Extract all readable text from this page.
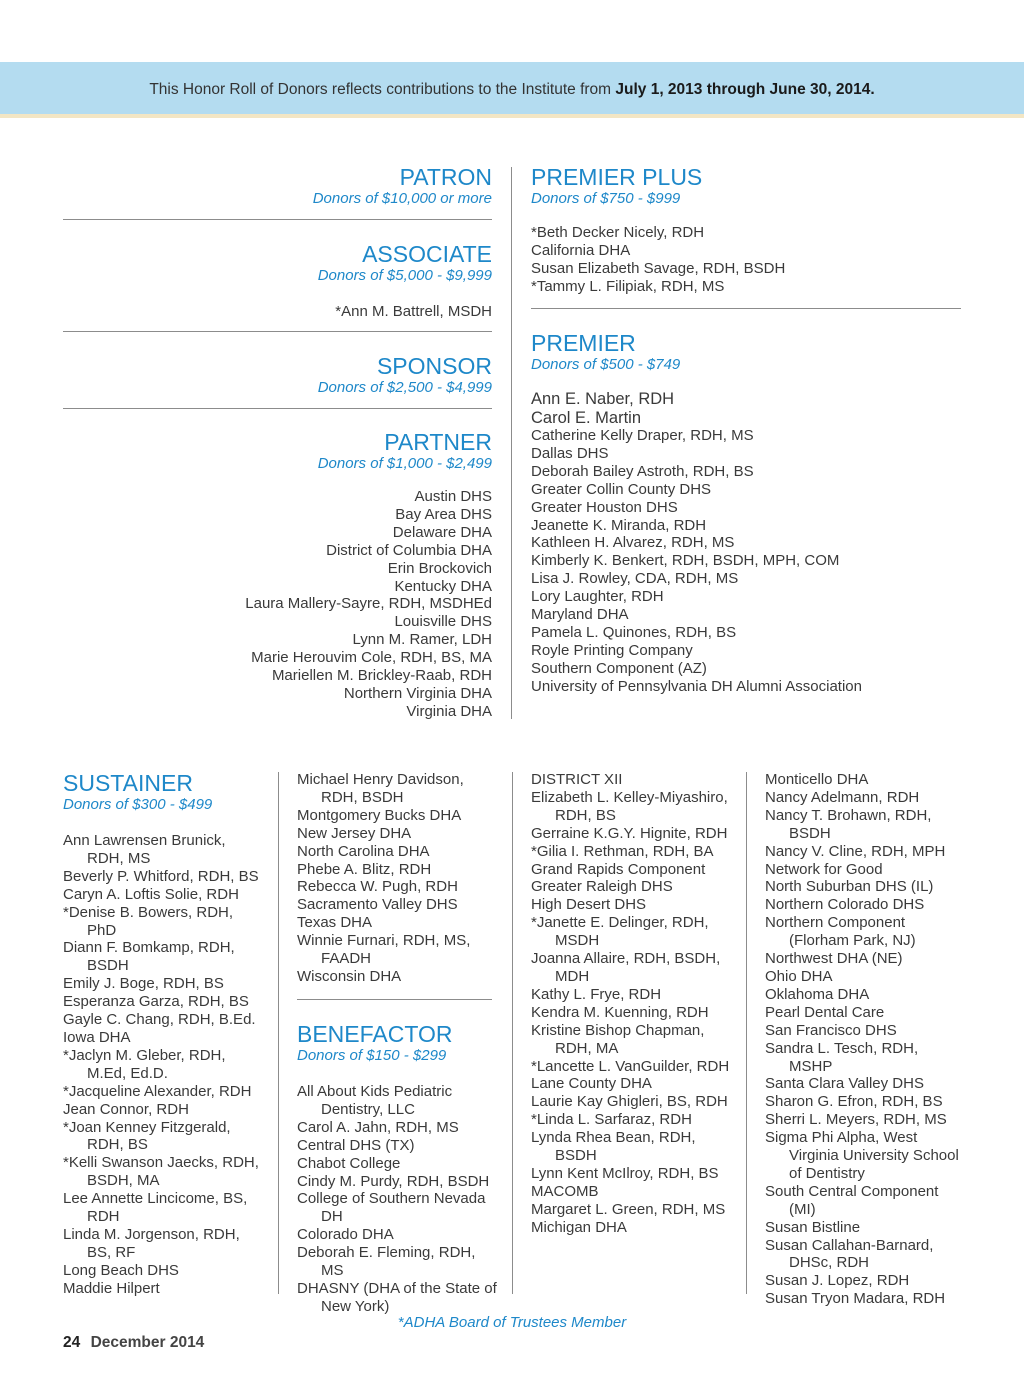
This Honor Roll of Donors reflects contributions to the Institute from July 1, 2013 through June 30, 2014.
PATRON
Donors of $10,000 or more
ASSOCIATE
Donors of $5,000 - $9,999
*Ann M. Battrell, MSDH
SPONSOR
Donors of $2,500 - $4,999
PARTNER
Donors of $1,000 - $2,499
Austin DHS
Bay Area DHS
Delaware DHA
District of Columbia DHA
Erin Brockovich
Kentucky DHA
Laura Mallery-Sayre, RDH, MSDHEd
Louisville DHS
Lynn M. Ramer, LDH
Marie Herouvim Cole, RDH, BS, MA
Mariellen M. Brickley-Raab, RDH
Northern Virginia DHA
Virginia DHA
PREMIER PLUS
Donors of $750 - $999
*Beth Decker Nicely, RDH
California DHA
Susan Elizabeth Savage, RDH, BSDH
*Tammy L. Filipiak, RDH, MS
PREMIER
Donors of $500 - $749
Ann E. Naber, RDH
Carol E. Martin
Catherine Kelly Draper, RDH, MS
Dallas DHS
Deborah Bailey Astroth, RDH, BS
Greater Collin County DHS
Greater Houston DHS
Jeanette K. Miranda, RDH
Kathleen H. Alvarez, RDH, MS
Kimberly K. Benkert, RDH, BSDH, MPH, COM
Lisa J. Rowley, CDA, RDH, MS
Lory Laughter, RDH
Maryland DHA
Pamela L. Quinones, RDH, BS
Royle Printing Company
Southern Component (AZ)
University of Pennsylvania DH Alumni Association
SUSTAINER
Donors of $300 - $499
Ann Lawrensen Brunick, RDH, MS
Beverly P. Whitford, RDH, BS
Caryn A. Loftis Solie, RDH
*Denise B. Bowers, RDH, PhD
Diann F. Bomkamp, RDH, BSDH
Emily J. Boge, RDH, BS
Esperanza Garza, RDH, BS
Gayle C. Chang, RDH, B.Ed.
Iowa DHA
*Jaclyn M. Gleber, RDH, M.Ed, Ed.D.
*Jacqueline Alexander, RDH
Jean Connor, RDH
*Joan Kenney Fitzgerald, RDH, BS
*Kelli Swanson Jaecks, RDH, BSDH, MA
Lee Annette Lincicome, BS, RDH
Linda M. Jorgenson, RDH, BS, RF
Long Beach DHS
Maddie Hilpert
Michael Henry Davidson, RDH, BSDH
Montgomery Bucks DHA
New Jersey DHA
North Carolina DHA
Phebe A. Blitz, RDH
Rebecca W. Pugh, RDH
Sacramento Valley DHS
Texas DHA
Winnie Furnari, RDH, MS, FAADH
Wisconsin DHA
BENEFACTOR
Donors of $150 - $299
All About Kids Pediatric Dentistry, LLC
Carol A. Jahn, RDH, MS
Central DHS (TX)
Chabot College
Cindy M. Purdy, RDH, BSDH
College of Southern Nevada DH
Colorado DHA
Deborah E. Fleming, RDH, MS
DHASNY (DHA of the State of New York)
DISTRICT XII
Elizabeth L. Kelley-Miyashiro, RDH, BS
Gerraine K.G.Y. Hignite, RDH
*Gilia I. Rethman, RDH, BA
Grand Rapids Component
Greater Raleigh DHS
High Desert DHS
*Janette E. Delinger, RDH, MSDH
Joanna Allaire, RDH, BSDH, MDH
Kathy L. Frye, RDH
Kendra M. Kuenning, RDH
Kristine Bishop Chapman, RDH, MA
*Lancette L. VanGuilder, RDH
Lane County DHA
Laurie Kay Ghigleri, BS, RDH
*Linda L. Sarfaraz, RDH
Lynda Rhea Bean, RDH, BSDH
Lynn Kent McIlroy, RDH, BS
MACOMB
Margaret L. Green, RDH, MS
Michigan DHA
Monticello DHA
Nancy Adelmann, RDH
Nancy T. Brohawn, RDH, BSDH
Nancy V. Cline, RDH, MPH
Network for Good
North Suburban DHS (IL)
Northern Colorado DHS
Northern Component (Florham Park, NJ)
Northwest DHA (NE)
Ohio DHA
Oklahoma DHA
Pearl Dental Care
San Francisco DHS
Sandra L. Tesch, RDH, MSHP
Santa Clara Valley DHS
Sharon G. Efron, RDH, BS
Sherri L. Meyers, RDH, MS
Sigma Phi Alpha, West Virginia University School of Dentistry
South Central Component (MI)
Susan Bistline
Susan Callahan-Barnard, DHSc, RDH
Susan J. Lopez, RDH
Susan Tryon Madara, RDH
*ADHA Board of Trustees Member
24 December 2014
